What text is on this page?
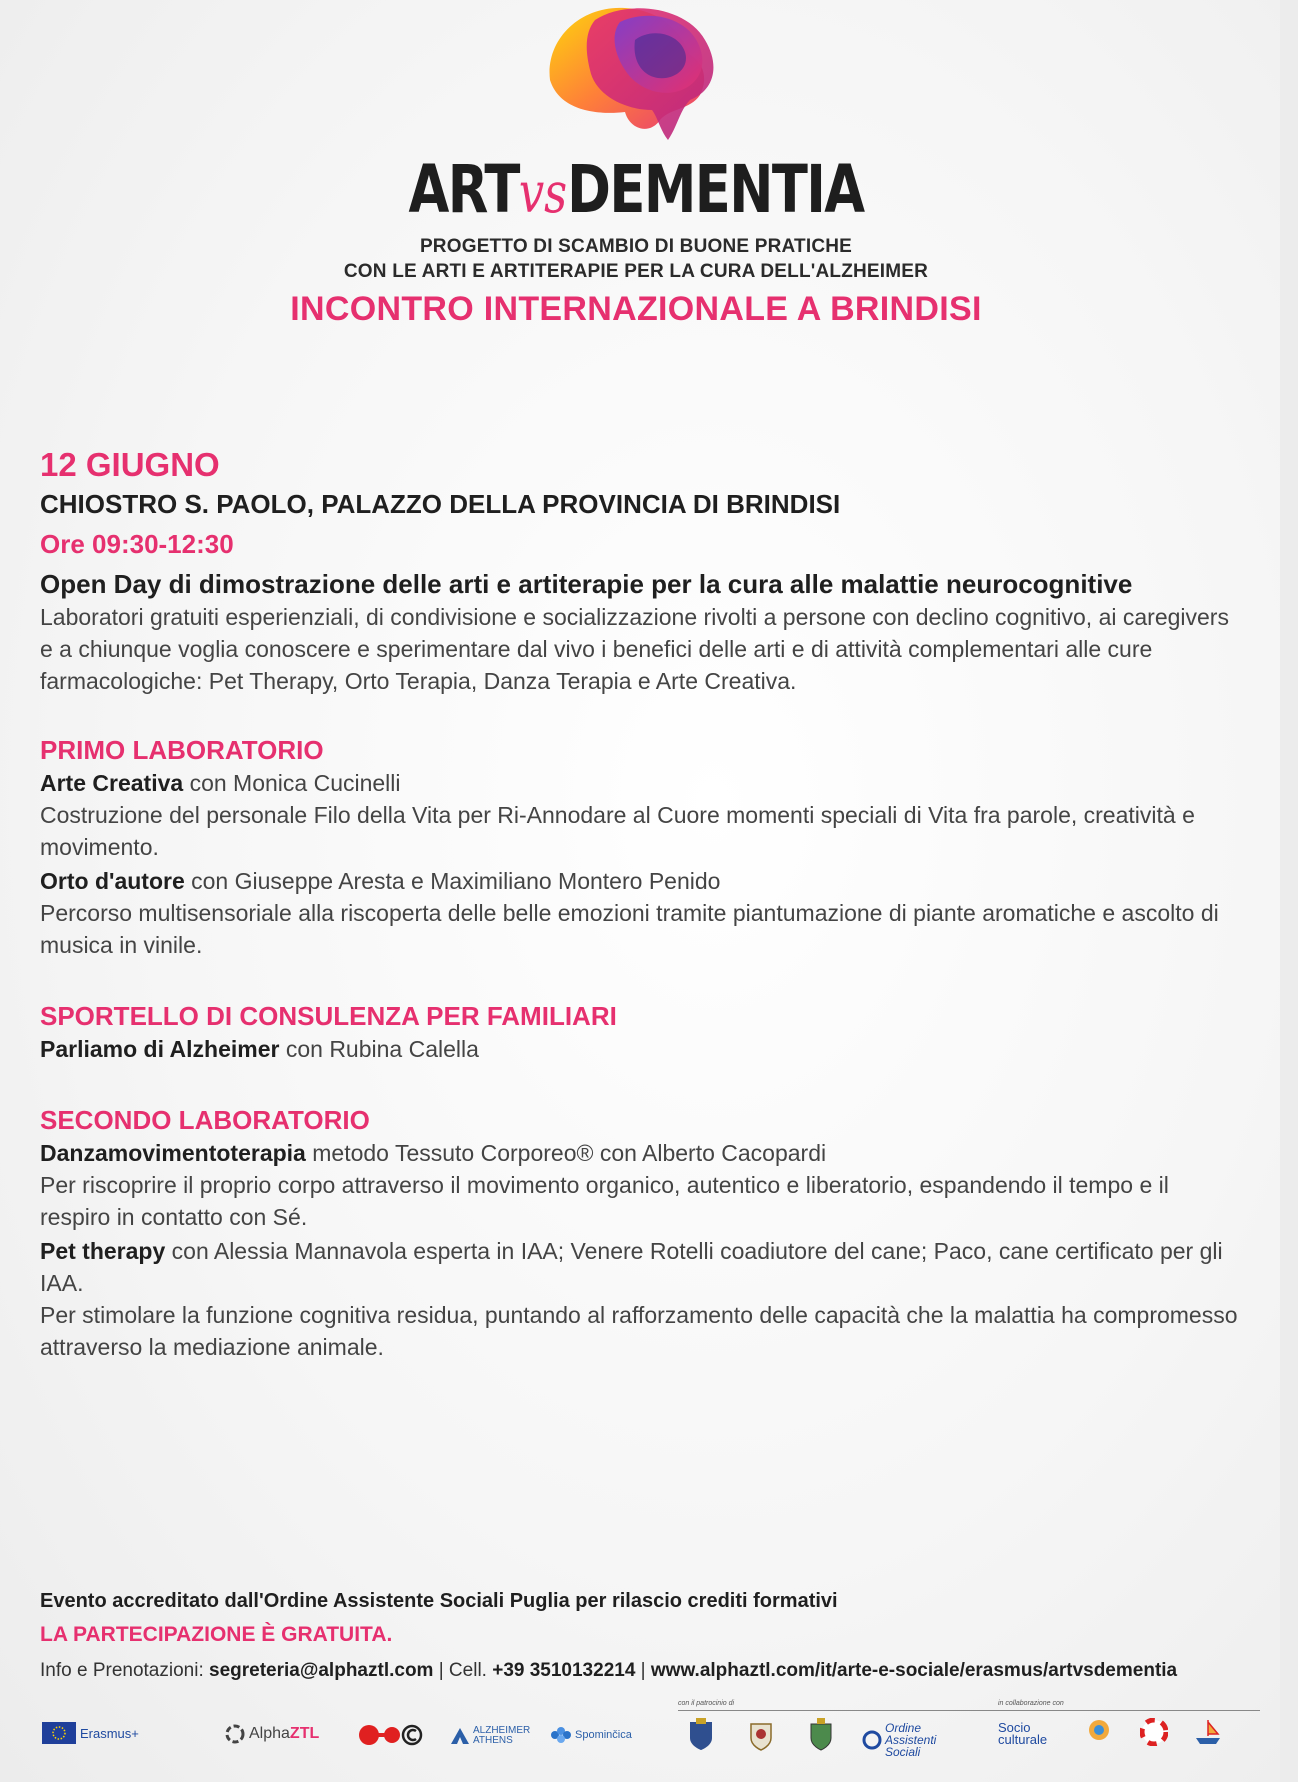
ARTvsDEMENTIA
PROGETTO DI SCAMBIO DI BUONE PRATICHE
CON LE ARTI E ARTITERAPIE PER LA CURA DELL'ALZHEIMER
INCONTRO INTERNAZIONALE A BRINDISI
12 GIUGNO
CHIOSTRO S. PAOLO, PALAZZO DELLA PROVINCIA DI BRINDISI
Ore 09:30-12:30
Open Day di dimostrazione delle arti e artiterapie per la cura alle malattie neurocognitive

Laboratori gratuiti esperienziali, di condivisione e socializzazione rivolti a persone con declino cognitivo, ai caregivers e a chiunque voglia conoscere e sperimentare dal vivo i benefici delle arti e di attività complementari alle cure farmacologiche: Pet Therapy, Orto Terapia, Danza Terapia e Arte Creativa.

PRIMO LABORATORIO

Arte Creativa con Monica Cucinelli

Costruzione del personale Filo della Vita per Ri-Annodare al Cuore momenti speciali di Vita fra parole, creatività e movimento.

Orto d'autore con Giuseppe Aresta e Maximiliano Montero Penido

Percorso multisensoriale alla riscoperta delle belle emozioni tramite piantumazione di piante aromatiche e ascolto di musica in vinile.

SPORTELLO DI CONSULENZA PER FAMILIARI

Parliamo di Alzheimer con Rubina Calella

SECONDO LABORATORIO

Danzamovimentoterapia metodo Tessuto Corporeo® con Alberto Cacopardi

Per riscoprire il proprio corpo attraverso il movimento organico, autentico e liberatorio, espandendo il tempo e il respiro in contatto con Sé.

Pet therapy con Alessia Mannavola esperta in IAA; Venere Rotelli coadiutore del cane; Paco, cane certificato per gli IAA.

Per stimolare la funzione cognitiva residua, puntando al rafforzamento delle capacità che la malattia ha compromesso attraverso la mediazione animale.

Evento accreditato dall'Ordine Assistente Sociali Puglia per rilascio crediti formativi
LA PARTECIPAZIONE È GRATUITA.
Info e Prenotazioni: segreteria@alphaztl.com | Cell. +39 3510132214 | www.alphaztl.com/it/arte-e-sociale/erasmus/artvsdementia
Erasmus+	Alpha ZTL	ALZHEIMER ATHENS	Spominčica
con il patrocinio di
Ordine Assistenti Sociali
in collaborazione con
Socio culturale
